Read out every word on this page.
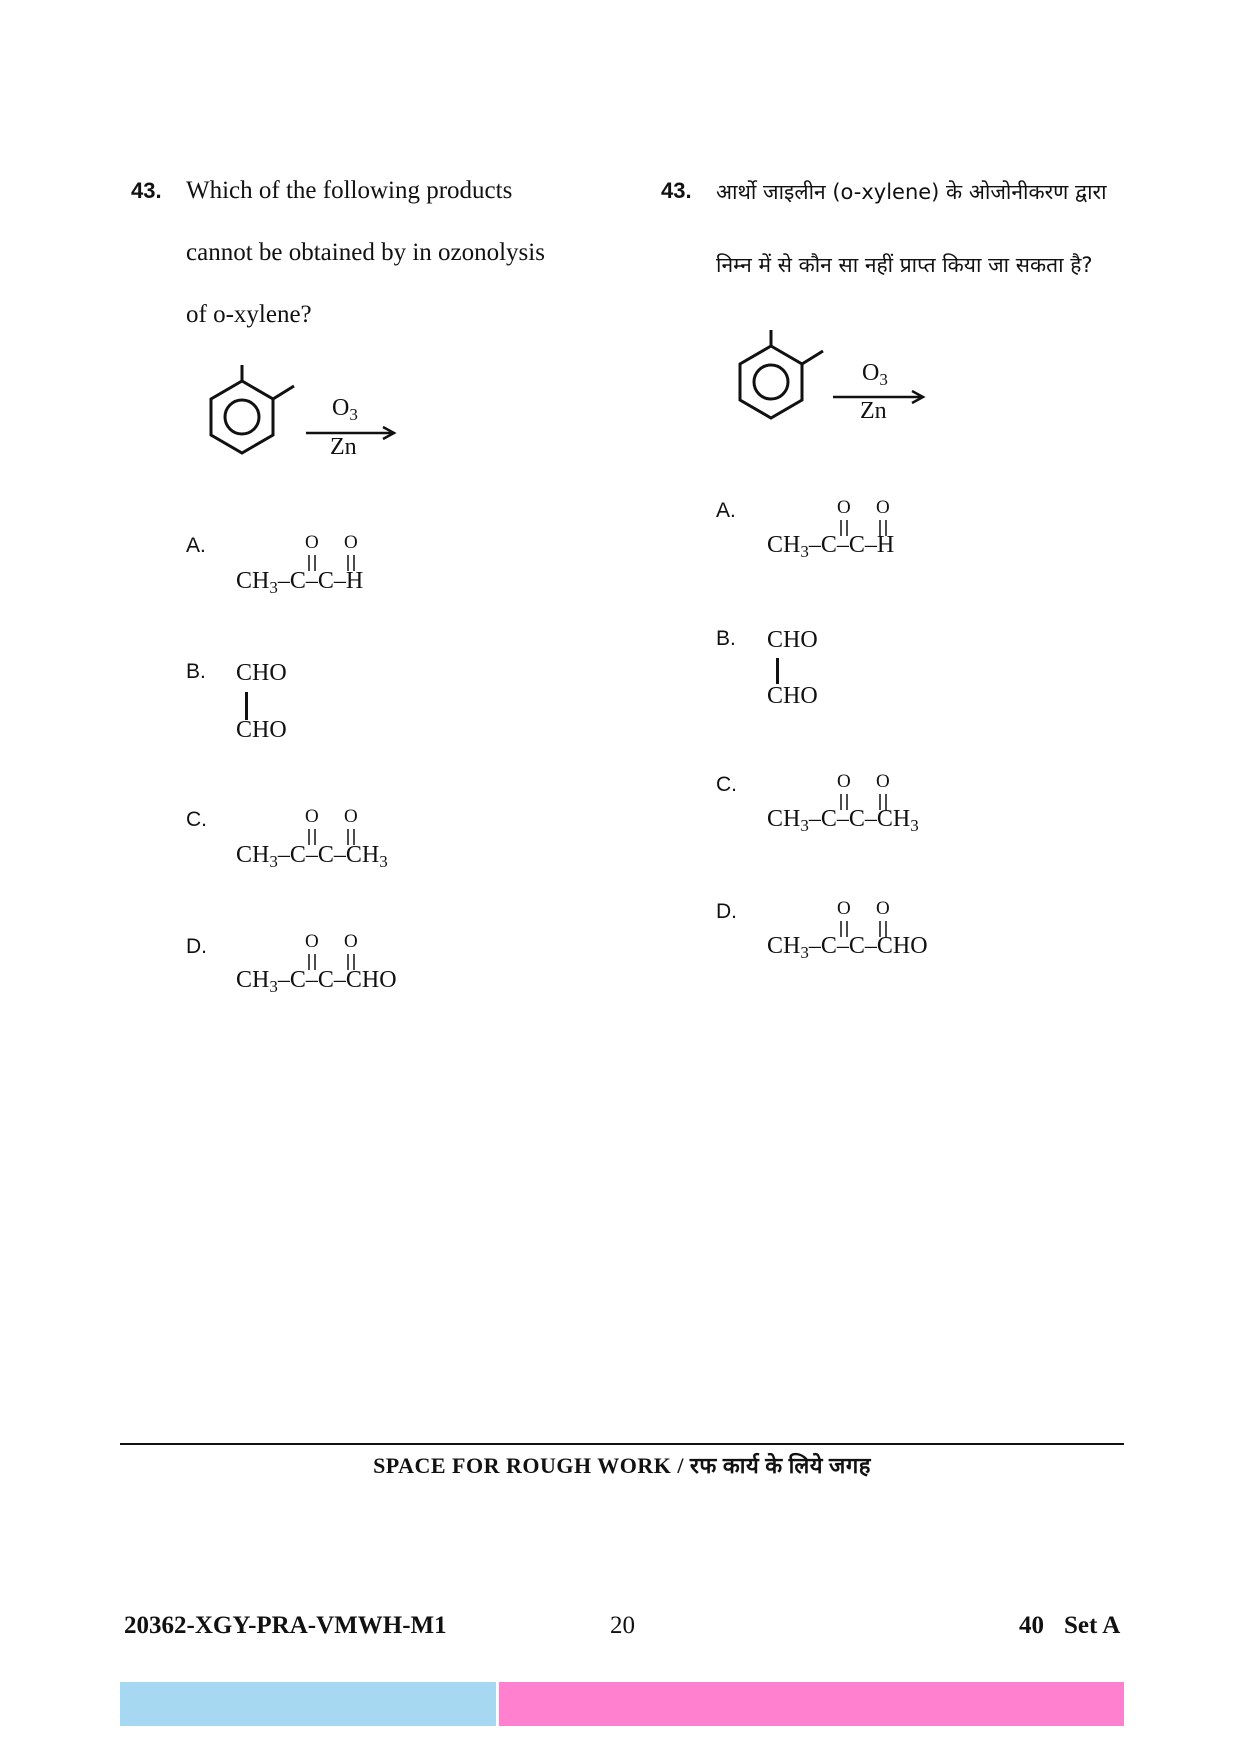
43. Which of the following products
cannot be obtained by in ozonolysis
of o-xylene?
$O_3$
Zn
A.	O O
$CH_3-C-C-H$
B. CHO
CHO
C.	O O
$CH_3-C-C-CH_3$
D.	O O
$CH_3-C-C$–CHO
43. आर्थो जाइलीन (o-xylene) के ओजोनीकरण द्वारा
निम्न में से कौन सा नहीं प्राप्त किया जा सकता है?
$O_3$
Zn
A.	O O
$CH_3-C-C-H$
B. CHO
CHO
C.	O O
$CH_3-C-C-CH_3$
D.	O O
$CH_3-C-C$–CHO
SPACE FOR ROUGH WORK / रफ कार्य के लिये जगह
20362-XGY-PRA-VMWH-M1	20	40 Set A
